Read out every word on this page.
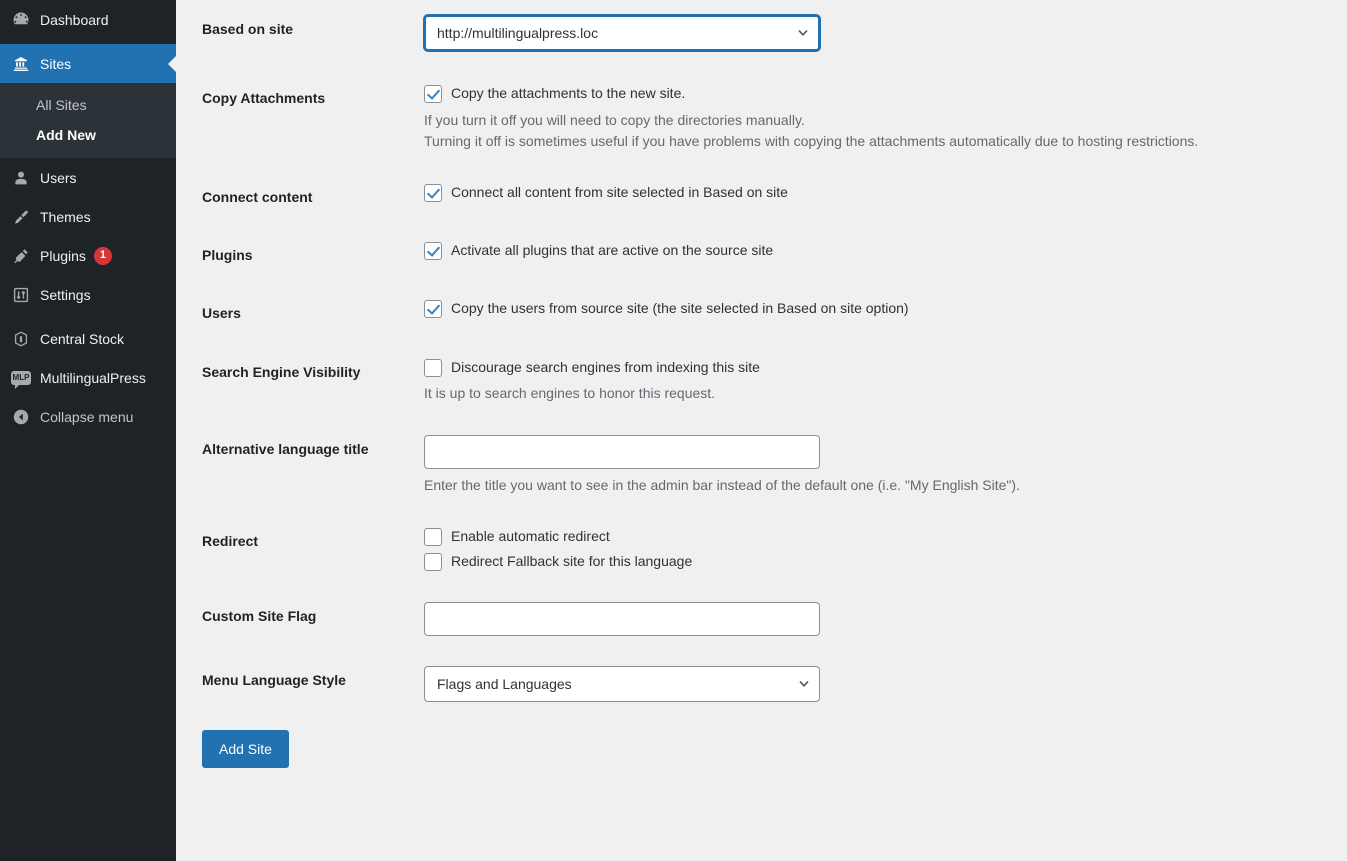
Dashboard
Sites
All Sites
Add New
Users
Themes
Plugins	1
Settings
Central Stock
MLP MultilingualPress
Collapse menu
Based on site	http://multilingualpress.loc

Copy Attachments	Copy the attachments to the new site.
If you turn it off you will need to copy the directories manually.
Turning it off is sometimes useful if you have problems with copying the attachments automatically due to hosting restrictions.

Connect content	Connect all content from site selected in Based on site

Plugins	Activate all plugins that are active on the source site

Users	Copy the users from source site (the site selected in Based on site option)

Search Engine Visibility	Discourage search engines from indexing this site
It is up to search engines to honor this request.

Alternative language title	Enter the title you want to see in the admin bar instead of the default one (i.e. "My English Site").

Redirect	Enable automatic redirect
Redirect Fallback site for this language

Custom Site Flag	
Menu Language Style	Flags and Languages
Add Site
